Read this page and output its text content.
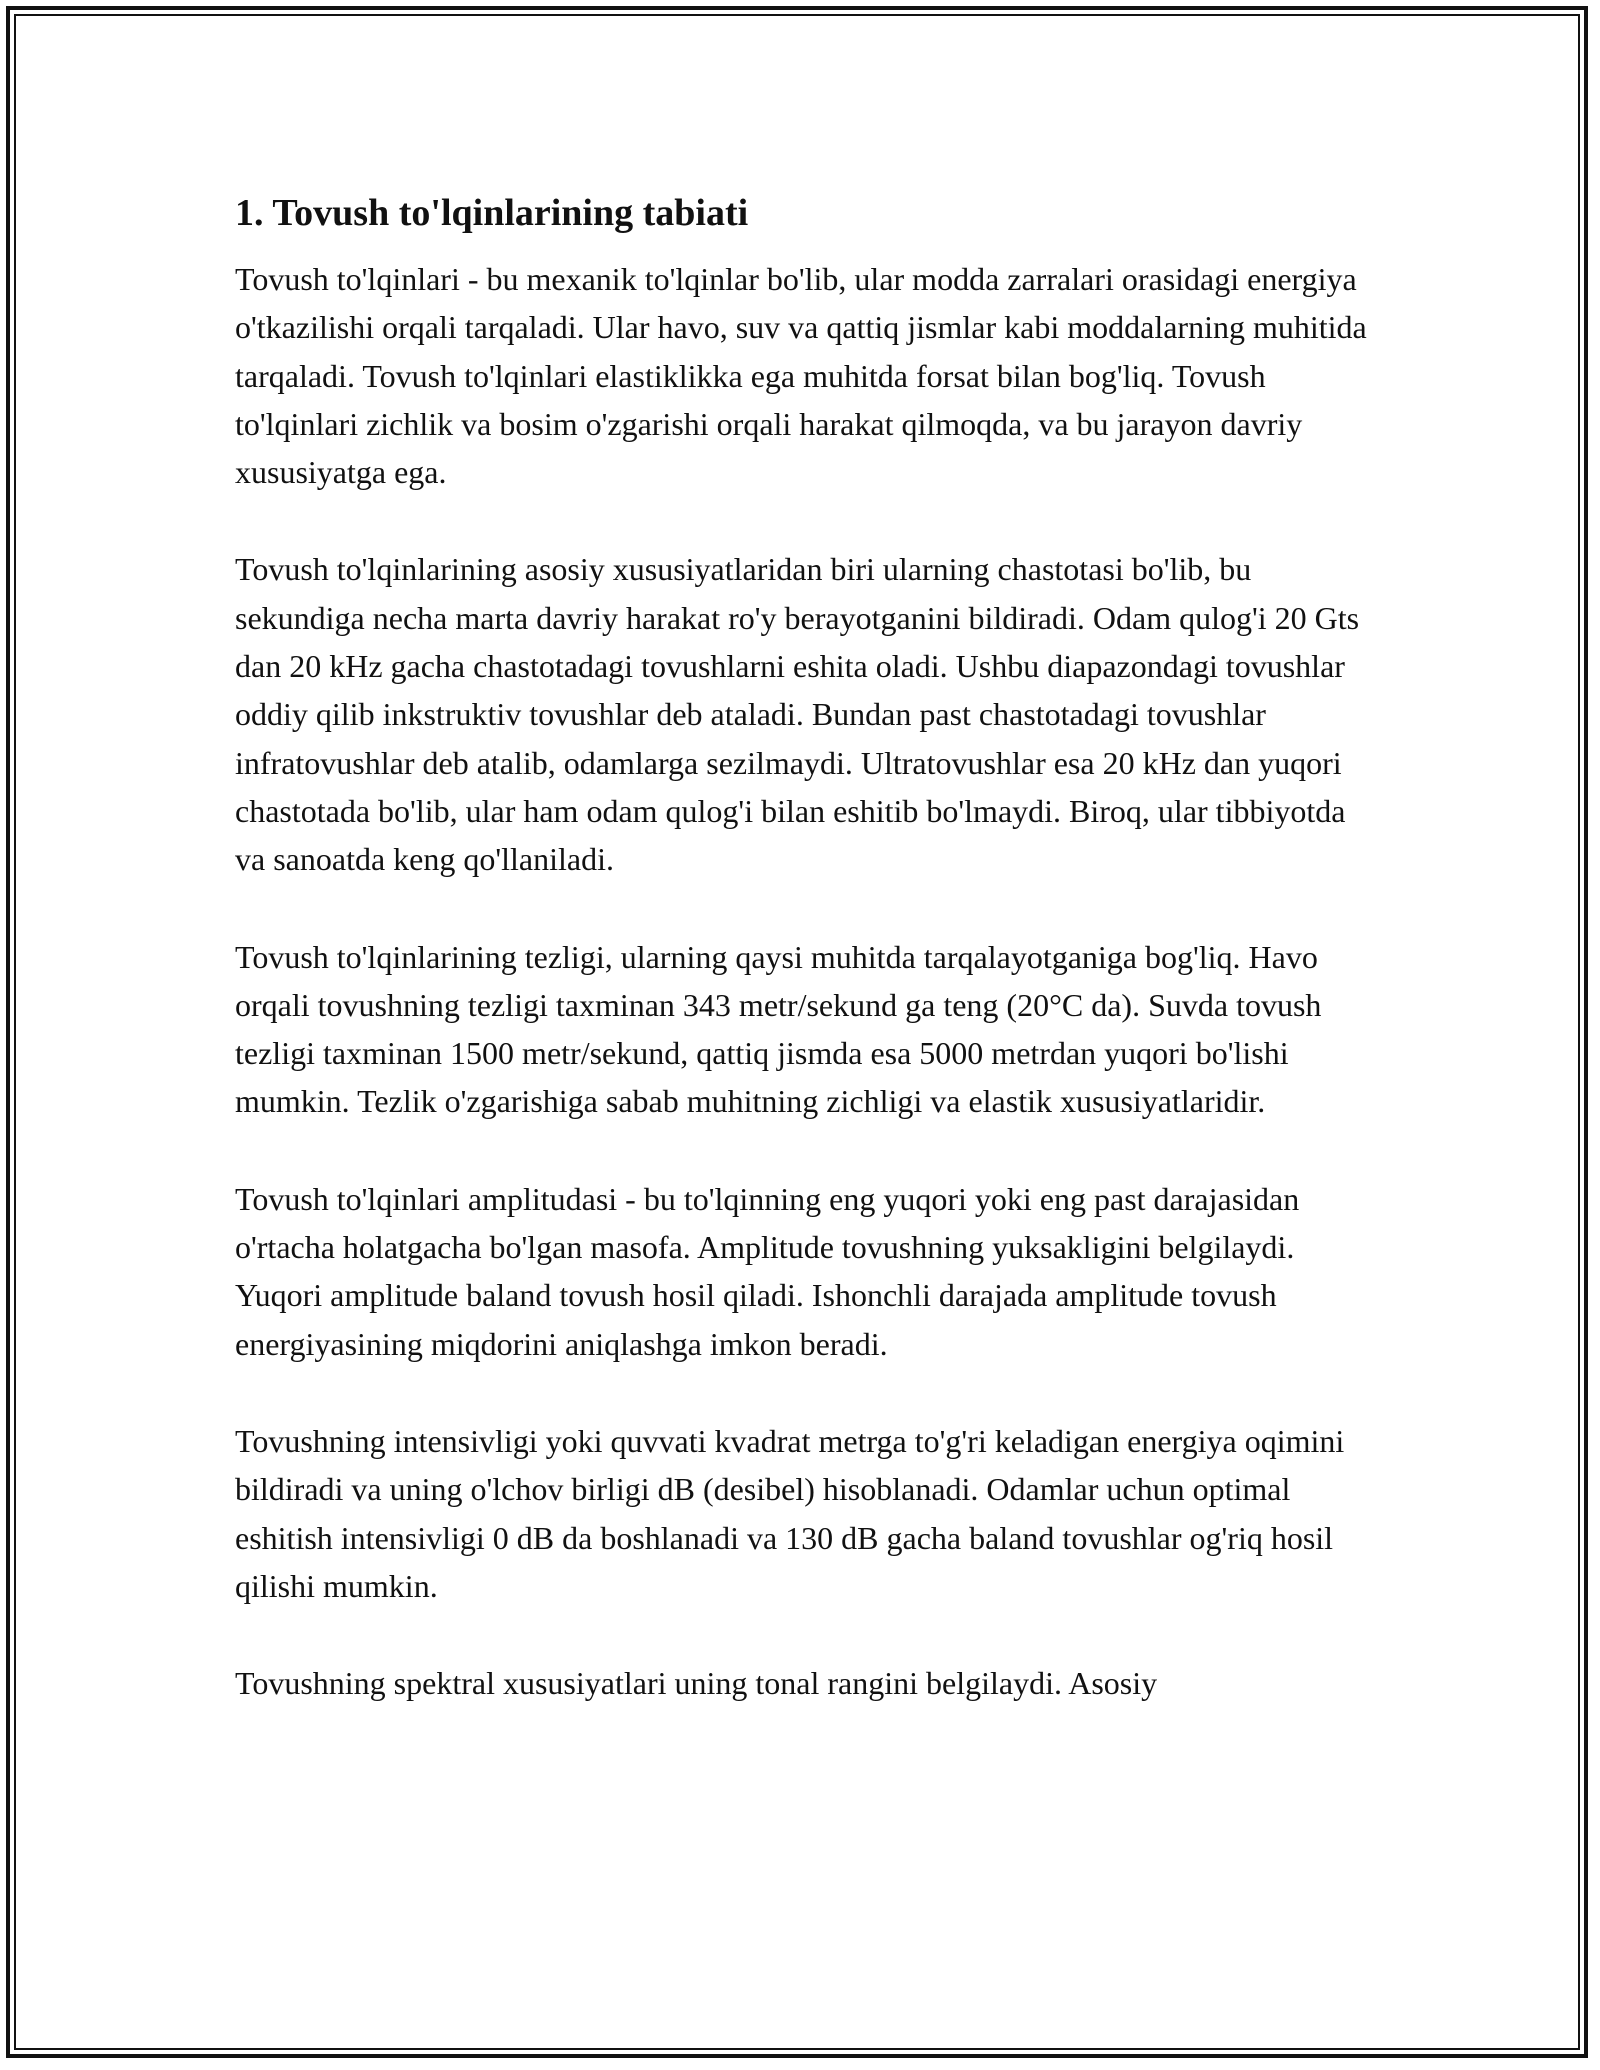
1. Tovush to'lqinlarining tabiati

Tovush to'lqinlari - bu mexanik to'lqinlar bo'lib, ular modda zarralari orasidagi energiya o'tkazilishi orqali tarqaladi. Ular havo, suv va qattiq jismlar kabi moddalarning muhitida tarqaladi. Tovush to'lqinlari elastiklikka ega muhitda forsat bilan bog'liq. Tovush to'lqinlari zichlik va bosim o'zgarishi orqali harakat qilmoqda, va bu jarayon davriy xususiyatga ega.

Tovush to'lqinlarining asosiy xususiyatlaridan biri ularning chastotasi bo'lib, bu sekundiga necha marta davriy harakat ro'y berayotganini bildiradi. Odam qulog'i 20 Gts dan 20 kHz gacha chastotadagi tovushlarni eshita oladi. Ushbu diapazondagi tovushlar oddiy qilib inkstruktiv tovushlar deb ataladi. Bundan past chastotadagi tovushlar infratovushlar deb atalib, odamlarga sezilmaydi. Ultratovushlar esa 20 kHz dan yuqori chastotada bo'lib, ular ham odam qulog'i bilan eshitib bo'lmaydi. Biroq, ular tibbiyotda va sanoatda keng qo'llaniladi.

Tovush to'lqinlarining tezligi, ularning qaysi muhitda tarqalayotganiga bog'liq. Havo orqali tovushning tezligi taxminan 343 metr/sekund ga teng (20°C da). Suvda tovush tezligi taxminan 1500 metr/sekund, qattiq jismda esa 5000 metrdan yuqori bo'lishi mumkin. Tezlik o'zgarishiga sabab muhitning zichligi va elastik xususiyatlaridir.

Tovush to'lqinlari amplitudasi - bu to'lqinning eng yuqori yoki eng past darajasidan o'rtacha holatgacha bo'lgan masofa. Amplitude tovushning yuksakligini belgilaydi. Yuqori amplitude baland tovush hosil qiladi. Ishonchli darajada amplitude tovush energiyasining miqdorini aniqlashga imkon beradi.

Tovushning intensivligi yoki quvvati kvadrat metrga to'g'ri keladigan energiya oqimini bildiradi va uning o'lchov birligi dB (desibel) hisoblanadi. Odamlar uchun optimal eshitish intensivligi 0 dB da boshlanadi va 130 dB gacha baland tovushlar og'riq hosil qilishi mumkin.

Tovushning spektral xususiyatlari uning tonal rangini belgilaydi. Asosiy
